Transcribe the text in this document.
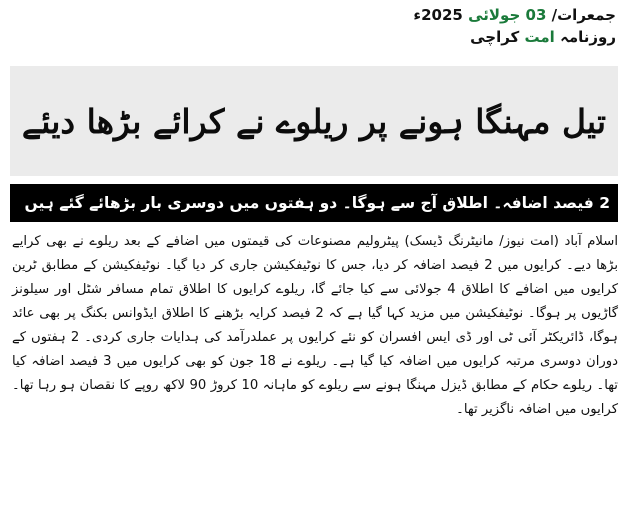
جمعرات/ 03 جولائی 2025ء
روزنامہ امت کراچی
تیل مہنگا ہونے پر ریلوے نے کرائے بڑھا دیئے
2 فیصد اضافہ۔ اطلاق آج سے ہوگا۔ دو ہفتوں میں دوسری بار بڑھائے گئے ہیں

اسلام آباد (امت نیوز/ مانیٹرنگ ڈیسک) پیٹرولیم مصنوعات کی قیمتوں میں اضافے کے بعد ریلوے نے بھی کرایے بڑھا دیے۔ کرایوں میں 2 فیصد اضافہ کر دیا، جس کا نوٹیفکیشن جاری کر دیا گیا۔ نوٹیفکیشن کے مطابق ٹرین کرایوں میں اضافے کا اطلاق 4 جولائی سے کیا جائے گا، ریلوے کرایوں کا اطلاق تمام مسافر شٹل اور سیلونز گاڑیوں پر ہوگا۔ نوٹیفکیشن میں مزید کہا گیا ہے کہ 2 فیصد کرایہ بڑھنے کا اطلاق ایڈوانس بکنگ پر بھی عائد ہوگا، ڈائریکٹر آئی ٹی اور ڈی ایس افسران کو نئے کرایوں پر عملدرآمد کی ہدایات جاری کردی۔ 2 ہفتوں کے دوران دوسری مرتبہ کرایوں میں اضافہ کیا گیا ہے۔ ریلوے نے 18 جون کو بھی کرایوں میں 3 فیصد اضافہ کیا تھا۔ ریلوے حکام کے مطابق ڈیزل مہنگا ہونے سے ریلوے کو ماہانہ 10 کروڑ 90 لاکھ روپے کا نقصان ہو رہا تھا۔ کرایوں میں اضافہ ناگزیر تھا۔
